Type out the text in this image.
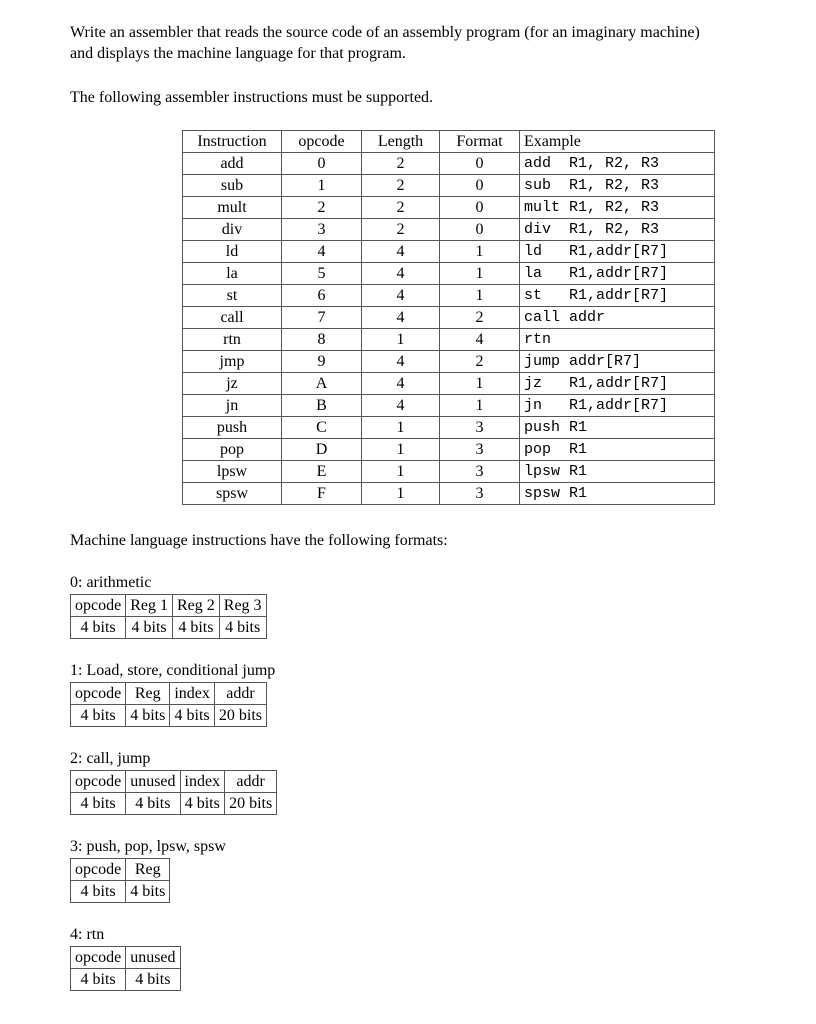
Write an assembler that reads the source code of an assembly program (for an imaginary machine)

and displays the machine language for that program.

The following assembler instructions must be supported.

Instruction	opcode	Length	Format	Example
add	0	2	0	add  R1, R2, R3
sub	1	2	0	sub  R1, R2, R3
mult	2	2	0	mult R1, R2, R3
div	3	2	0	div  R1, R2, R3
ld	4	4	1	ld   R1,addr[R7]
la	5	4	1	la   R1,addr[R7]
st	6	4	1	st   R1,addr[R7]
call	7	4	2	call addr
rtn	8	1	4	rtn
jmp	9	4	2	jump addr[R7]
jz	A	4	1	jz   R1,addr[R7]
jn	B	4	1	jn   R1,addr[R7]
push	C	1	3	push R1
pop	D	1	3	pop  R1
lpsw	E	1	3	lpsw R1
spsw	F	1	3	spsw R1

Machine language instructions have the following formats:

0: arithmetic

opcode	Reg 1	Reg 2	Reg 3
4 bits	4 bits	4 bits	4 bits

1: Load, store, conditional jump

opcode	Reg	index	addr
4 bits	4 bits	4 bits	20 bits

2: call, jump

opcode	unused	index	addr
4 bits	4 bits	4 bits	20 bits

3: push, pop, lpsw, spsw

opcode	Reg
4 bits	4 bits

4: rtn

opcode	unused
4 bits	4 bits
